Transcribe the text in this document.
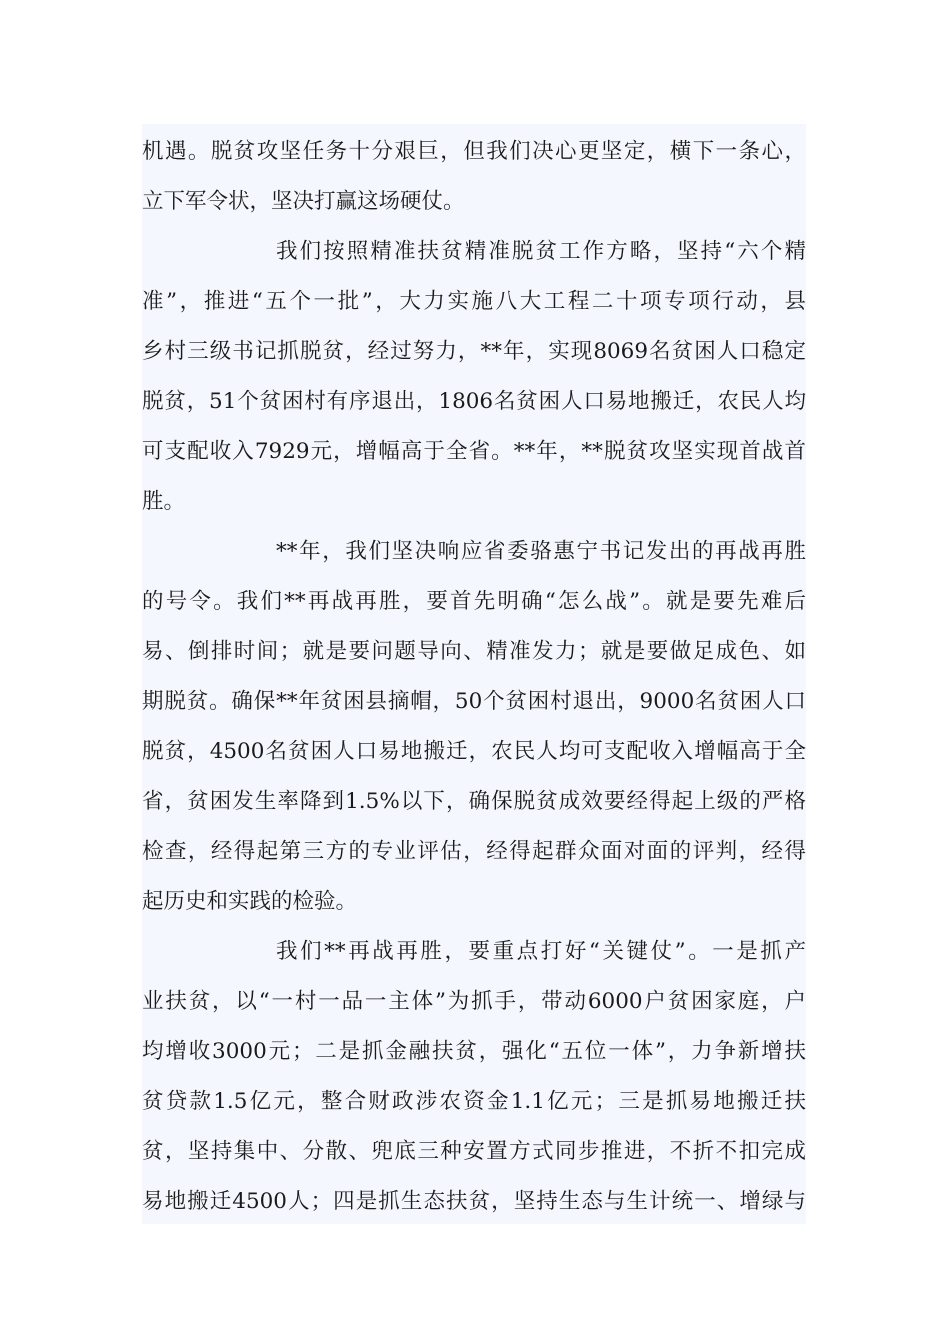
机遇。脱贫攻坚任务十分艰巨，但我们决心更坚定，横下一条心，
立下军令状，坚决打赢这场硬仗。
我们按照精准扶贫精准脱贫工作方略，坚持“六个精
准”，推进“五个一批”，大力实施八大工程二十项专项行动，县
乡村三级书记抓脱贫，经过努力，**年，实现8069名贫困人口稳定
脱贫，51个贫困村有序退出，1806名贫困人口易地搬迁，农民人均
可支配收入7929元，增幅高于全省。**年，**脱贫攻坚实现首战首
胜。
**年，我们坚决响应省委骆惠宁书记发出的再战再胜
的号令。我们**再战再胜，要首先明确“怎么战”。就是要先难后
易、倒排时间；就是要问题导向、精准发力；就是要做足成色、如
期脱贫。确保**年贫困县摘帽，50个贫困村退出，9000名贫困人口
脱贫，4500名贫困人口易地搬迁，农民人均可支配收入增幅高于全
省，贫困发生率降到1.5%以下，确保脱贫成效要经得起上级的严格
检查，经得起第三方的专业评估，经得起群众面对面的评判，经得
起历史和实践的检验。
我们**再战再胜，要重点打好“关键仗”。一是抓产
业扶贫，以“一村一品一主体”为抓手，带动6000户贫困家庭，户
均增收3000元；二是抓金融扶贫，强化“五位一体”，力争新增扶
贫贷款1.5亿元，整合财政涉农资金1.1亿元；三是抓易地搬迁扶
贫，坚持集中、分散、兜底三种安置方式同步推进，不折不扣完成
易地搬迁4500人；四是抓生态扶贫，坚持生态与生计统一、增绿与
